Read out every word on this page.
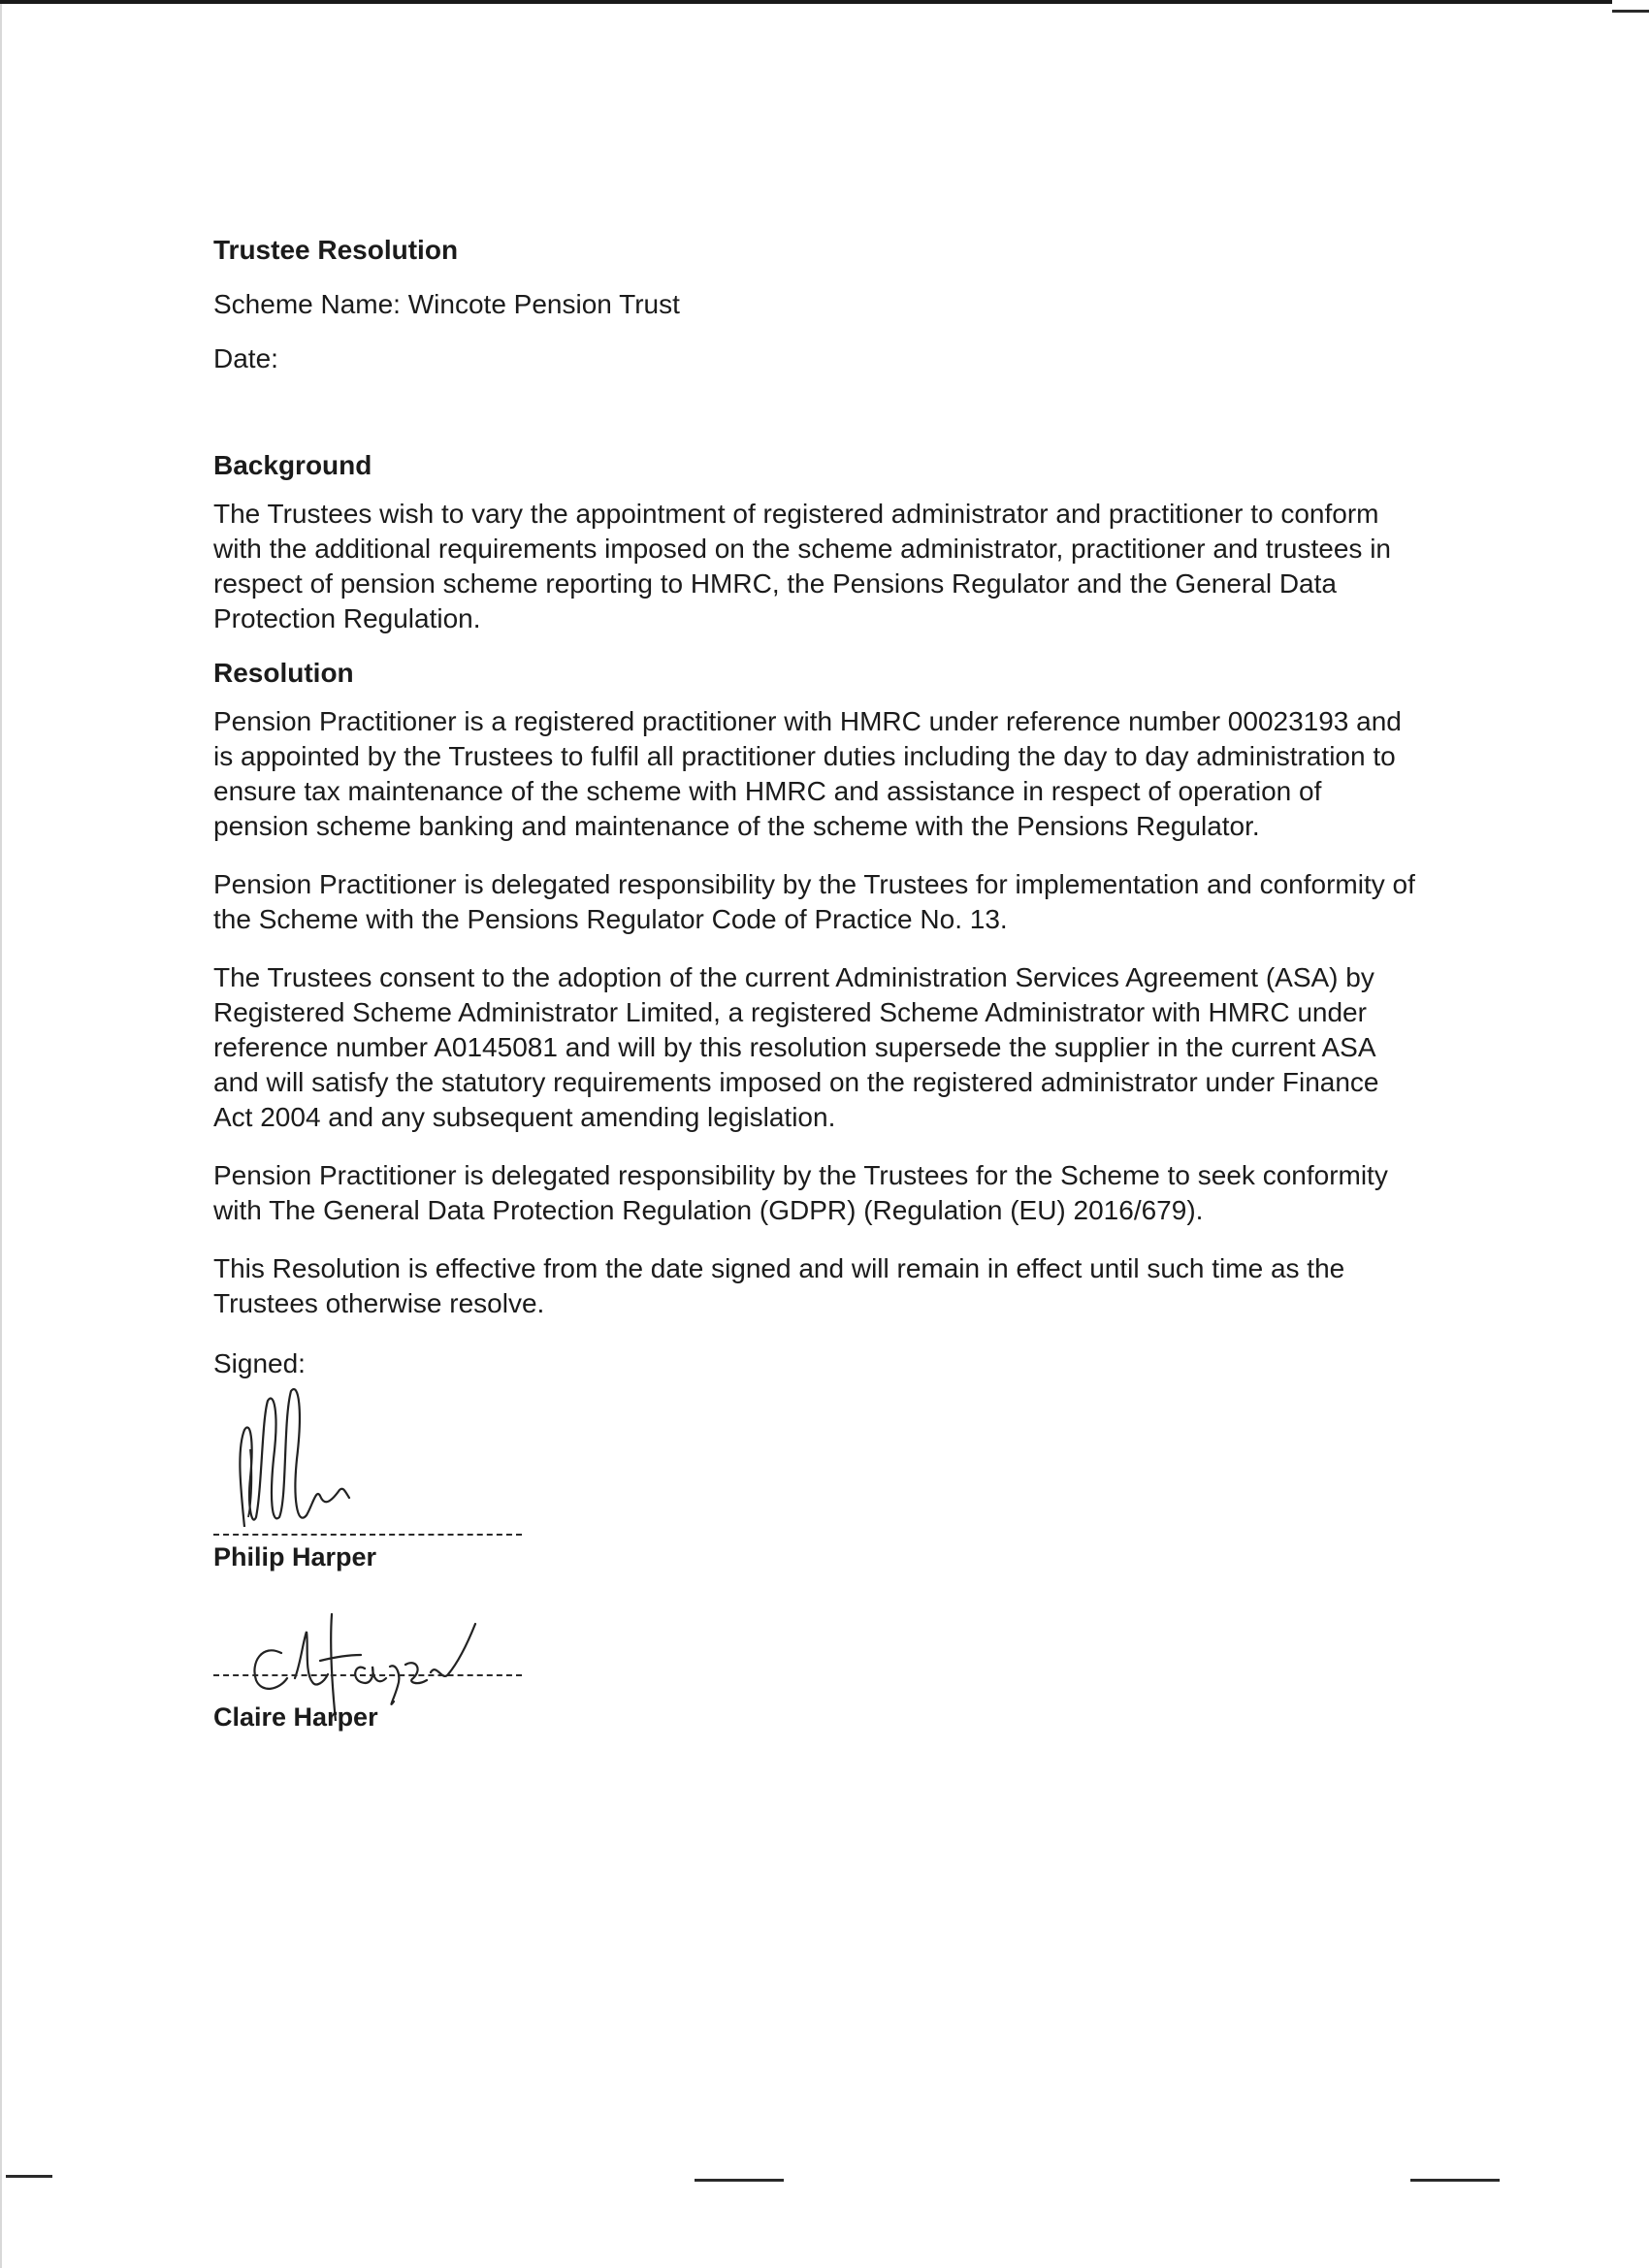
Trustee Resolution

Scheme Name: Wincote Pension Trust

Date:

Background

The Trustees wish to vary the appointment of registered administrator and practitioner to conform with the additional requirements imposed on the scheme administrator, practitioner and trustees in respect of pension scheme reporting to HMRC, the Pensions Regulator and the General Data Protection Regulation.

Resolution

Pension Practitioner is a registered practitioner with HMRC under reference number 00023193 and is appointed by the Trustees to fulfil all practitioner duties including the day to day administration to ensure tax maintenance of the scheme with HMRC and assistance in respect of operation of pension scheme banking and maintenance of the scheme with the Pensions Regulator.

Pension Practitioner is delegated responsibility by the Trustees for implementation and conformity of the Scheme with the Pensions Regulator Code of Practice No. 13.

The Trustees consent to the adoption of the current Administration Services Agreement (ASA) by Registered Scheme Administrator Limited, a registered Scheme Administrator with HMRC under reference number A0145081 and will by this resolution supersede the supplier in the current ASA and will satisfy the statutory requirements imposed on the registered administrator under Finance Act 2004 and any subsequent amending legislation.

Pension Practitioner is delegated responsibility by the Trustees for the Scheme to seek conformity with The General Data Protection Regulation (GDPR) (Regulation (EU) 2016/679).

This Resolution is effective from the date signed and will remain in effect until such time as the Trustees otherwise resolve.

Signed:

Philip Harper
Claire Harper
